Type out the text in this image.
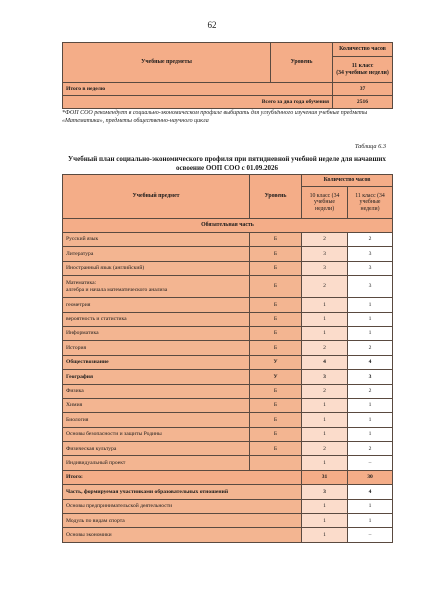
62
Учебные предметы	Уровень	Количество часов
		11 класс
(34 учебные недели)
Итого в неделю		37
Всего за два года обучения		2516
*ФОП СОО рекомендует в социально-экономическом профиле выбирать для углублённого изучения учебные предметы «Математика», предметы общественно-научного цикла
Таблица 6.3
Учебный план социально-экономического профиля при пятидневной учебной неделе для начавших освоение ООП СОО с 01.09.2026
Учебный предмет	Уровень	Количество часов	
		10 класс (34 учебные недели)	11 класс (34 учебные недели)
Обязательная часть			
Русский язык	Б	2	2
Литература	Б	3	3
Иностранный язык (английский)	Б	3	3
Математика:
алгебра и начала математического анализа	Б	2	3
геометрия	Б	1	1
вероятность и статистика	Б	1	1
Информатика	Б	1	1
История	Б	2	2
Обществознание	У	4	4
География	У	3	3
Физика	Б	2	2
Химия	Б	1	1
Биология	Б	1	1
Основы безопасности и защиты Родины	Б	1	1
Физическая культура	Б	2	2
Индивидуальный проект		1	–
Итого:		31	30
Часть, формируемая участниками образовательных отношений		3	4
Основы предпринимательской деятельности		1	1
Модуль по видам спорта		1	1
Основы экономики		1	–
